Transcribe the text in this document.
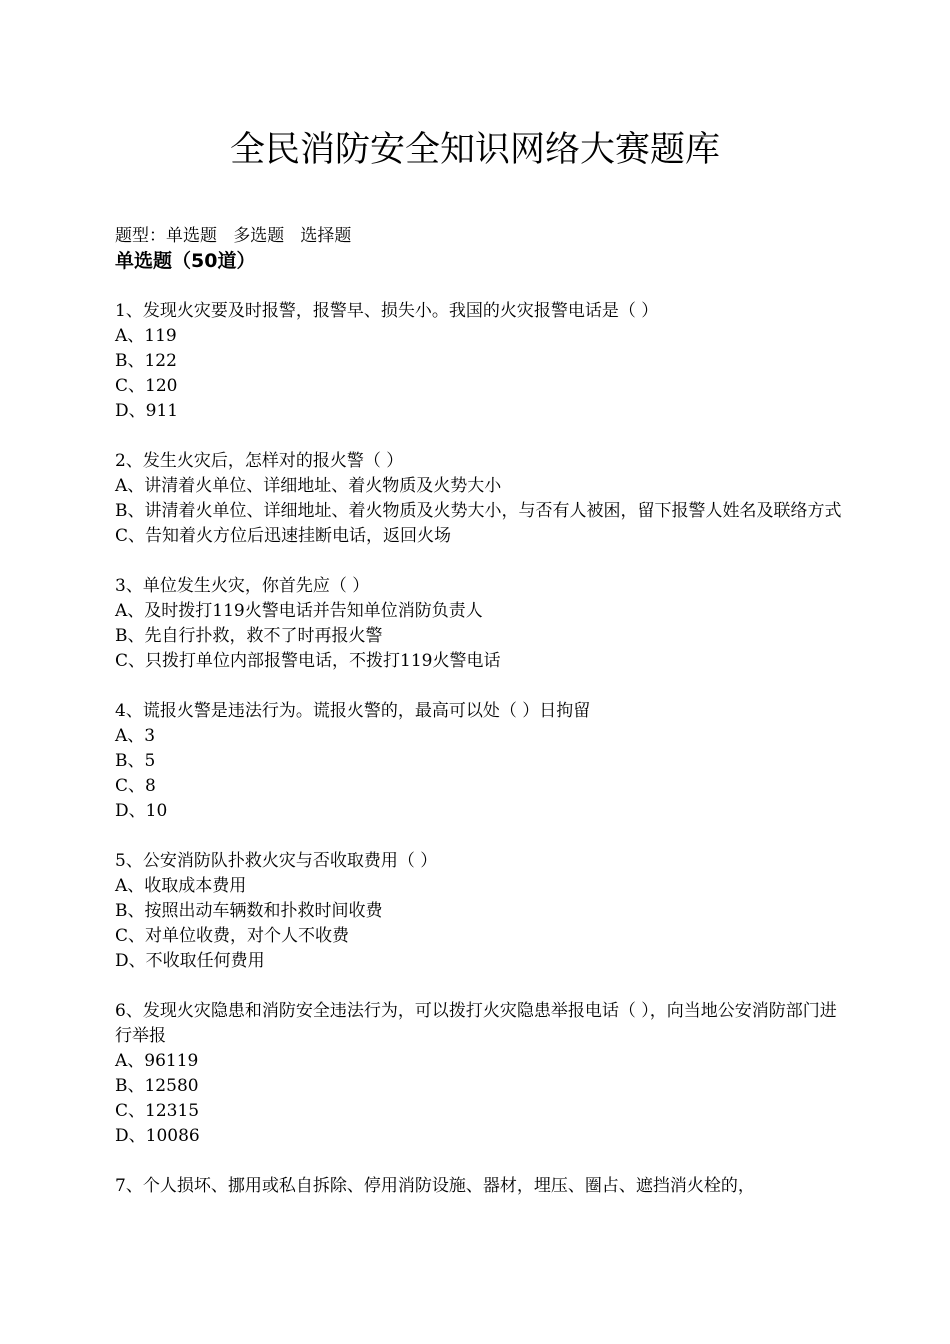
全民消防安全知识网络大赛题库
题型：单选题   多选题   选择题
单选题（50道）
1、发现火灾要及时报警，报警早、损失小。我国的火灾报警电话是（ ）
A、119
B、122
C、120
D、911
2、发生火灾后，怎样对的报火警（ ）
A、讲清着火单位、详细地址、着火物质及火势大小
B、讲清着火单位、详细地址、着火物质及火势大小，与否有人被困，留下报警人姓名及联络方式
C、告知着火方位后迅速挂断电话，返回火场
3、单位发生火灾，你首先应（ ）
A、及时拨打119火警电话并告知单位消防负责人
B、先自行扑救，救不了时再报火警
C、只拨打单位内部报警电话，不拨打119火警电话
4、谎报火警是违法行为。谎报火警的，最高可以处（ ）日拘留
A、3
B、5
C、8
D、10
5、公安消防队扑救火灾与否收取费用（ ）
A、收取成本费用
B、按照出动车辆数和扑救时间收费
C、对单位收费，对个人不收费
D、不收取任何费用
6、发现火灾隐患和消防安全违法行为，可以拨打火灾隐患举报电话（ ），向当地公安消防部门进行举报
A、96119
B、12580
C、12315
D、10086
7、个人损坏、挪用或私自拆除、停用消防设施、器材，埋压、圈占、遮挡消火栓的，
